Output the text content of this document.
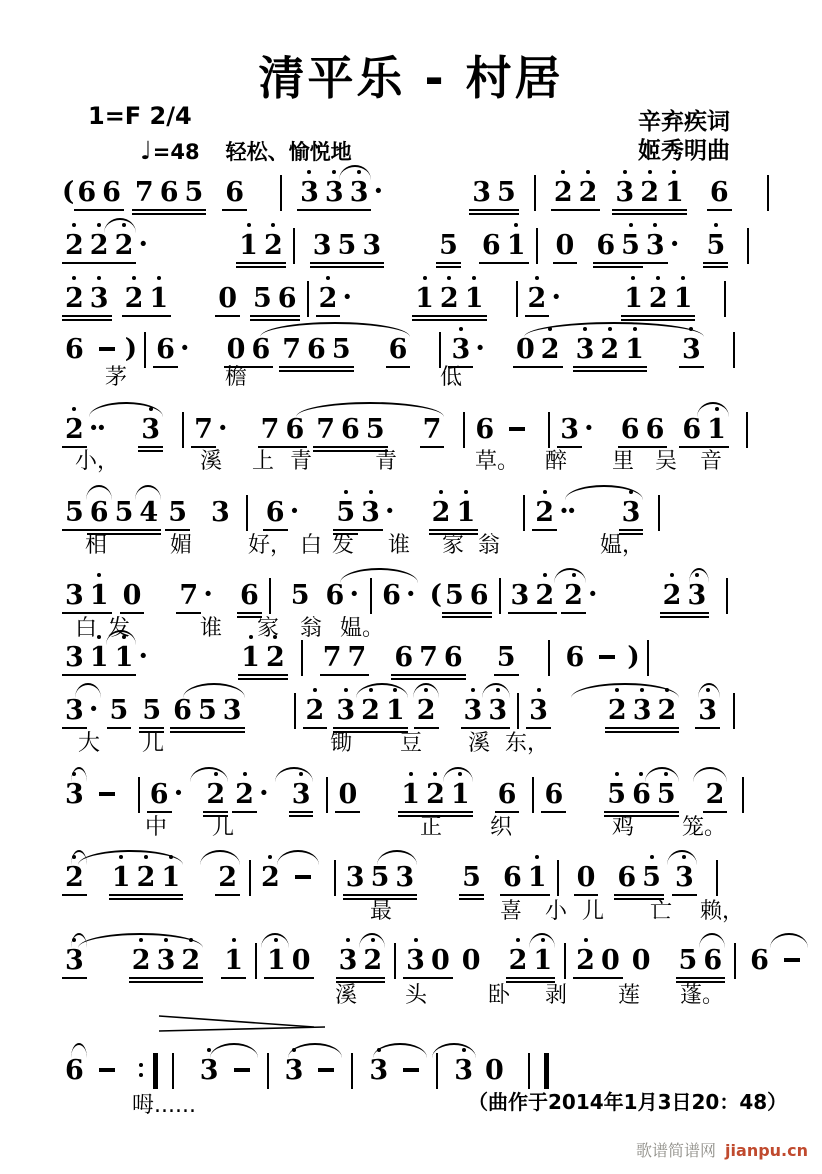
清平乐 - 村居
1=F 2/4
♩=48 轻松、愉悦地
辛弃疾词
姬秀明曲
( 6 6 7 6 5 6 3 3 3 ·	3 5 2 2 3 2 1 6
2 2 2 ·	1 2 3 5 3 5 6 1 0 6 5 3 · 5
2 3 2 1 0 5 6 2 · 1 2 1 2 · 1 2 1
6 ) 6 · 0 6 7 6 5 6 3 · 0 2 3 2 1 3
2 ·· 3 7 · 7 6 7 6 5 7 6 3 · 6 6 6 1
5 6 5 4 5 3 6 · 5 3 · 2 1 2 ·· 3
3 1 0 7 · 6 5 6 · 6 · ( 5 6 3 2 2 · 2 3
3 1 1 ·	1 2 7 7 6 7 6 5 6 )
3 · 5 5 6 5 3 2 3 2 1 2 3 3 3 2 3 2 3
3 6 · 2 2 · 3 0 1 2 1 6 6 5 6 5 2
2 1 2 1 2 2 3 5 3 5 6 1 0 6 5 3
3 2 3 2 1 1 0 3 2 3 0 0 2 1 2 0 0 5 6 6
6	3 3 3 3 0
茅	檐	低
小，	溪 上 青	青	草。 醉 里 吴 音
相	媚	好， 白 发 谁 家 翁	媪，
白 发	谁 家 翁 媪。
大 儿	锄 豆 溪 东，
中 儿	正 织	鸡 笼。
最	喜 小 儿 亡 赖，
溪 头	卧 剥 莲 蓬。
呣......	（曲作于2014年1月3日20：48）
歌谱简谱网 jianpu.cn
